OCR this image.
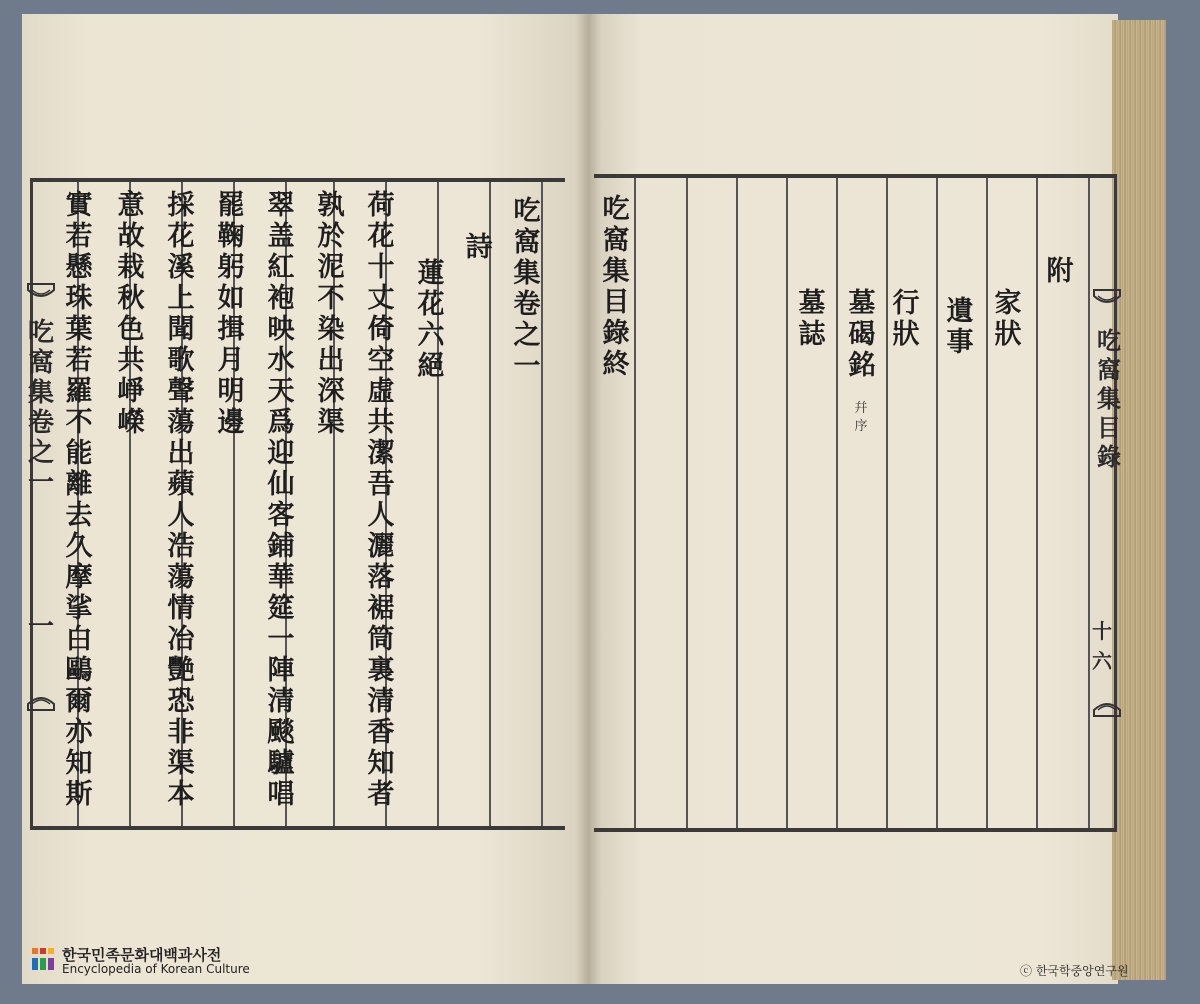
吃
窩
集
卷
之
一
詩
蓮
花
六
絕
荷
花
十
丈
倚
空
虛
共
潔
吾
人
灑
落
裾
筒
裏
清
香
知
者
孰
於
泥
不
染
出
深
渠
翠
盖
紅
袍
映
水
天
爲
迎
仙
客
鋪
華
筵
一
陣
清
颷
驢
唱
罷
鞠
躬
如
揖
月
明
邊
採
花
溪
上
聞
歌
聲
蕩
出
蘋
人
浩
蕩
情
冶
艷
恐
非
渠
本
意
故
栽
秋
色
共
崢
嶸
實
若
懸
珠
葉
若
羅
不
能
離
去
久
摩
挲
白
鷗
爾
亦
知
斯
吃
窩
集
卷
之
一
一
吃
窩
集
目
錄
終
墓
誌
墓
碣
銘
幷序
行
狀
遺
事
家
狀
附
吃
窩
集
目
錄
十六
한국민족문화대백과사전
Encyclopedia of Korean Culture	ⓒ 한국학중앙연구원
